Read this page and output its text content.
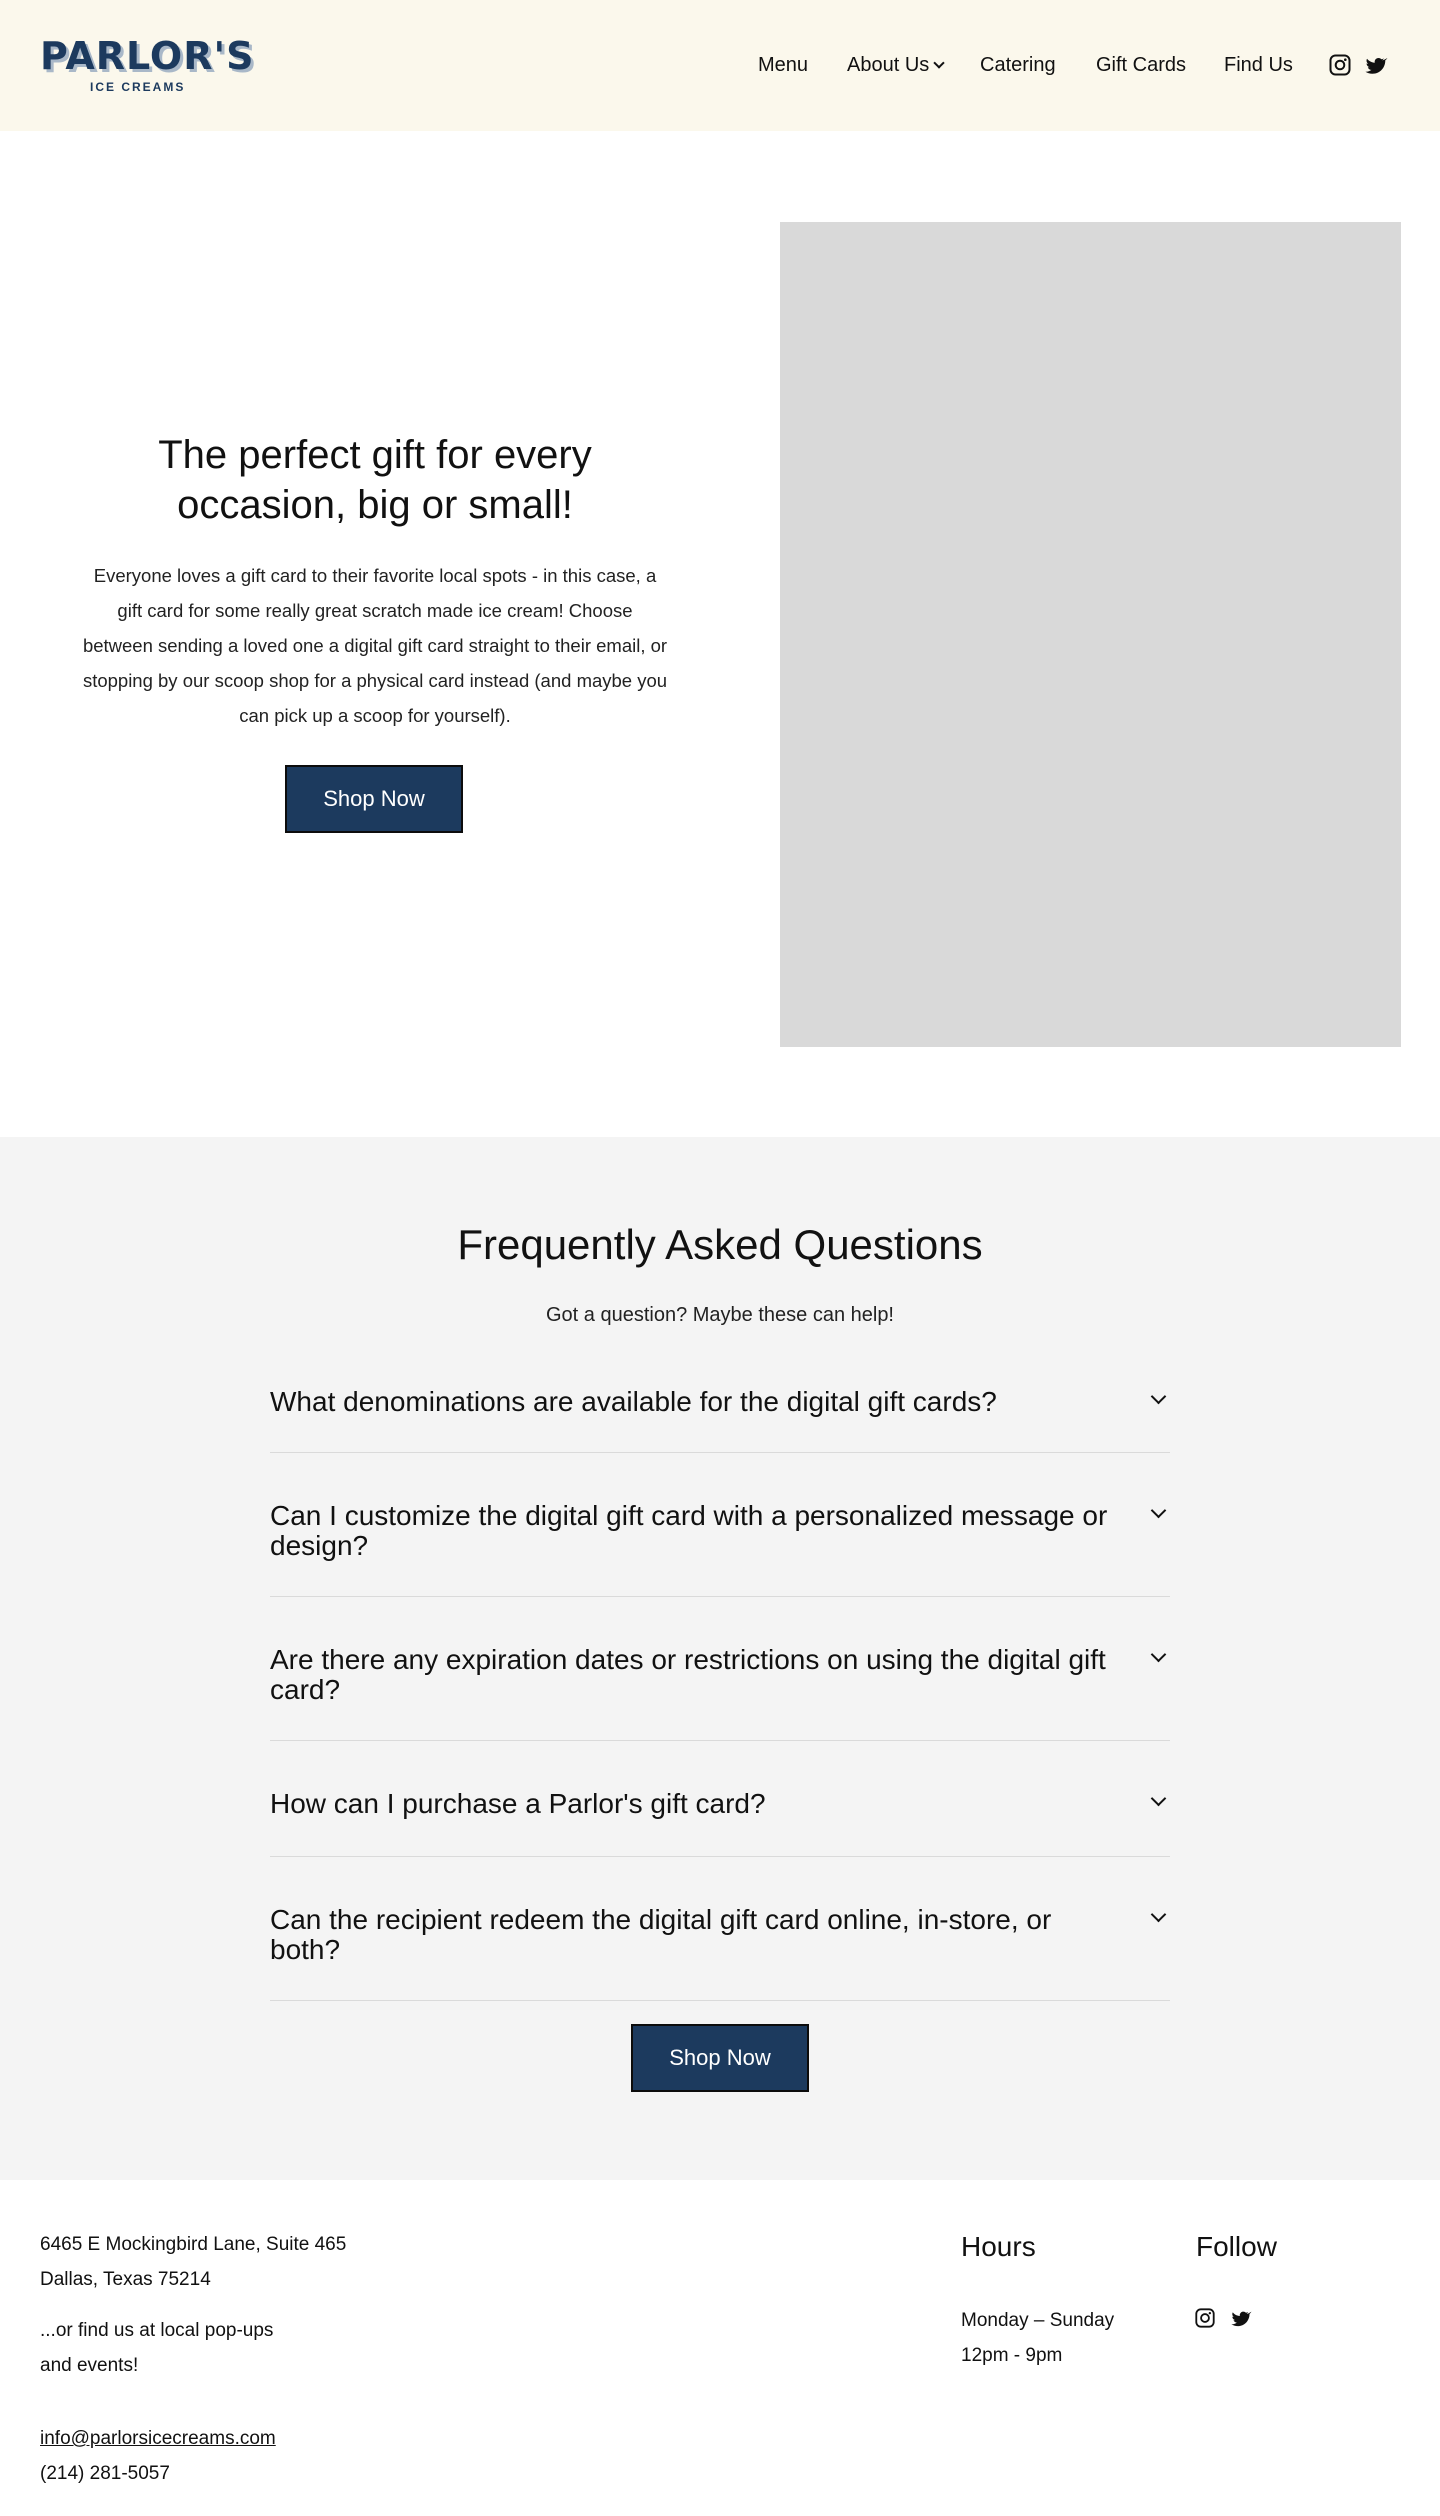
PARLOR'S
ICE CREAMS
Menu About Us	Catering Gift Cards Find Us
The perfect gift for every occasion, big or small!
Everyone loves a gift card to their favorite local spots - in this case, a gift card for some really great scratch made ice cream! Choose between sending a loved one a digital gift card straight to their email, or stopping by our scoop shop for a physical card instead (and maybe you can pick up a scoop for yourself).
Shop Now
Frequently Asked Questions
Got a question? Maybe these can help!
What denominations are available for the digital gift cards?
Can I customize the digital gift card with a personalized message or design?
Are there any expiration dates or restrictions on using the digital gift card?
How can I purchase a Parlor's gift card?
Can the recipient redeem the digital gift card online, in-store, or both?
Shop Now
6465 E Mockingbird Lane, Suite 465
Dallas, Texas 75214
...or find us at local pop-ups
and events!
info@parlorsicecreams.com
(214) 281-5057
Hours
Monday – Sunday
12pm - 9pm
Follow
